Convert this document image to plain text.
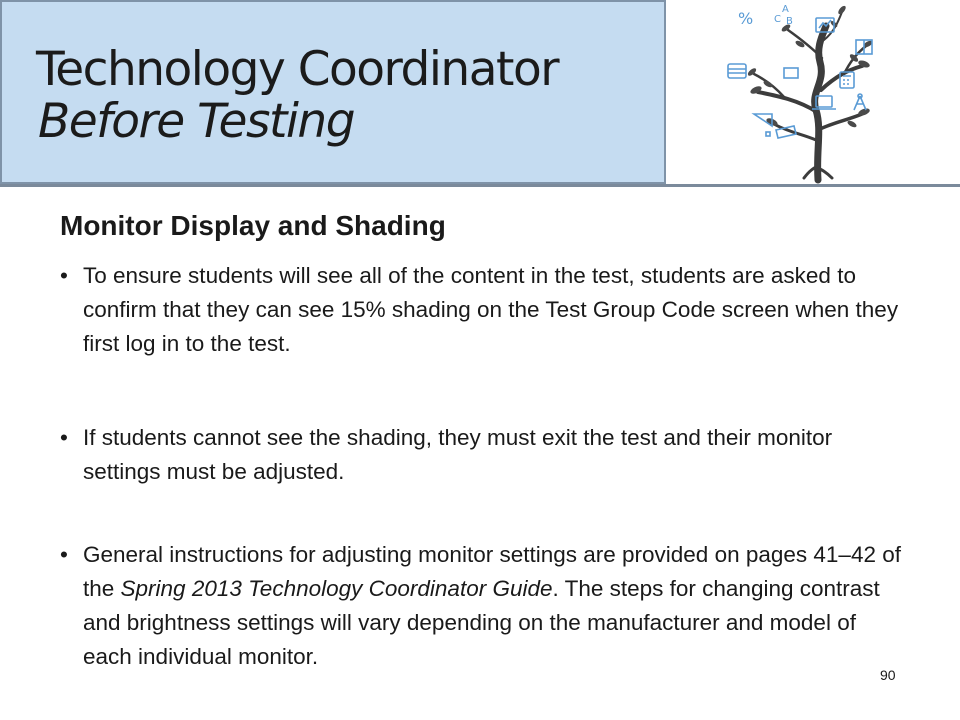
Technology Coordinator
Before Testing
%	A
C B
Monitor Display and Shading
• To ensure students will see all of the content in the test, students are asked to confirm that they can see 15% shading on the Test Group Code screen when they first log in to the test.
• If students cannot see the shading, they must exit the test and their monitor settings must be adjusted.
• General instructions for adjusting monitor settings are provided on pages 41–42 of the Spring 2013 Technology Coordinator Guide. The steps for changing contrast and brightness settings will vary depending on the manufacturer and model of each individual monitor.
90
